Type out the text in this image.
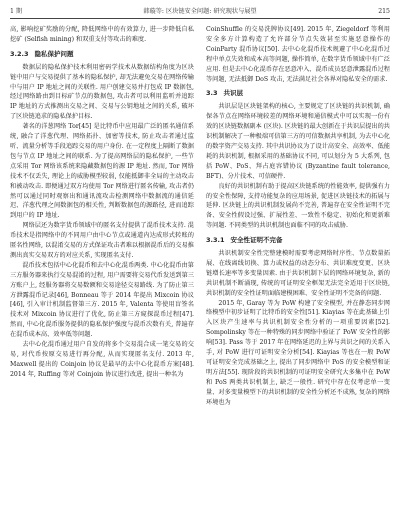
1 期	韩璇等: 区块链安全问题: 研究现状与展望	215

高, 影响挖矿奖励的分配, 降低网络中的有效算力, 进一步降低自私挖矿 (Selfish mining) 和双重支付等攻击的难度.

3.2.3 隐私保护问题

数据层的隐私保护技术利用密码学技术从数据结构角度为区块链中用户与交易提供了基本的隐私保护, 却无法避免交易在网络传输中与用户 IP 地址之间的关联性. 用户创建交易并打包成 IP 数据包, 经过网络路由到目标矿节点的数据包, 攻击者可以利用监听并追踪 IP 地址的方式推测出交易之间、交易与公钥地址之间的关系, 破坏了区块链追求的隐私保护目标.

著名的洋葱网络 Tor[45] 是比特币中应用最广泛的匿名通信系统, 融合了洋葱代理、网络拓扑、加密等技术, 防止攻击者通过监听、流量分析等手段追踪交易的用户身份. 在一定程度上隔断了数据包与节点 IP 地址之间的联系. 为了提高网络层的隐私保护, 一些节点采用 Tor 网络该系统来隐藏数据包的源 IP 地址. 然而, Tor 网络技术不仅丢失, 理论上的威胁模型较弱, 仅能抵御非全局的主动攻击和被动攻击. 即便通过双方均使用 Tor 网络进行匿名传输, 攻击者仍然可以通过同时观察出和通讯流攻击检测网络中数据流的通信延迟、洋葱代理之间数据包的相关性, 判断数据包的源路径, 进而追踪到用户的 IP 地址.

网络层还为数字货币领域中的匿名支付提供了混币技术支持. 混币技术是指网络中的不同用户由中心节点或通道内达成形式转账的匿名性网络, 以混淆交易的方式保证攻击者难以根据混币后的交易推测出真实交易双方的对应关系, 实现匿名支付.

混币技术包括中心化混币和去中心化混币两类. 中心化混币由第三方服务器来执行交易混淆的过程, 用户需要将交易代币发送到第三方账户上, 经服务器将交易数额和交易途径交易路线. 为了防止第三方泄露混币记录[46], Bonneau 等于 2014 年提出 Mixcoin 协议[46], 引入审计机制监督第三方. 2015 年, Valenta 等使用盲签名技术对 Mixcoin 协议进行了优化, 防止第三方窥探混币过程[47]. 然而, 中心化混币服务提供的隐私保护强度与混币次数有关, 普遍存在混币成本高、效率低等问题.

去中心化混币通过用户自发的将多个交易混合成一笔交易的交易, 对代币按原交易进行再分配, 从而实现匿名支付. 2013 年, Maxwell 提出的 Coinjoin 协议是最早的去中心化混币方案[48]. 2014 年, Ruffing 等对 Coinjoin 协议进行改进, 提出一种名为

CoinShuffle 的交易洗牌协议[49]. 2015 年, Ziegeldorf 等利用安全多方计算构造了允许部分节点失效甚至实施恶意操作的 CoinParty 混币协议[50]. 去中心化混币技术规避了中心化混币过程中单点失效和成本高等问题, 操作简单, 在数字货币领域中有广泛应用. 但是去中心化混币存在恶意冲入、混币成员恶意泄露混币过程等问题, 无法抵御 DoS 攻击, 无法满足社会各界对隐私安全的需求.

3.3 共识层

共识层是区块链架构的核心, 主要规定了区块链的共识机制, 确保各节点在网络环境较差的网络环境和通信模式中可以实现一份有效的区块链数据副本 (区块). 区块链的最大创新在于共识层提出的共识机制解决了一种极端可信第三方的可信数据共享机制, 为去中心化的数字资产交易支持. 其中共识协议为了设计高安全、高效率、低能耗的共识机制, 根据采用的基础协议不同, 可以划分为 5 大系列, 包括 PoW、PoS、拜占庭容错协议 (Byzantine fault tolerance, BFT)、分片技术、可信硬件.

良好的共识机制有助于提高区块链系统的性能效率, 提供强有力的安全性保障, 支持功能复杂的应用场景, 促进区块链技术的拓展与延伸. 区块链上的共识机制发展尚不完善, 普遍存在安全性证明不完备、安全性假设过强、扩展性差、一致性不稳定、初始化和更新难等问题. 不同类型的共识机制也面临不同的攻击威胁.

3.3.1 安全性证明不完备

共识机制安全性完整建模时需要考虑网络时序性、节点数量拓展、在线离线切换、算力或权益的动态分布、共识难度变更、区块链增长速率等多变量因素. 由于共识机制下层的网络环境复杂, 新的共识机制不断涌现, 传统的可证明安全框架无法完全适用于区块链, 共识机制的安全性证明面临建模困难、安全性证明不完备的问题.

2015 年, Garay 等为 PoW 构建了安全模型, 并在静态同步网络模型中初步证明了比特币的安全性[51]. Kiayias 等在此基础上引入区块产生速率与共识机制安全性分析的一项重要因素[52]. Sompolinsky 等在一种特殊的同步网络中验证了 PoW 安全性的影响[53]. Pass 等于 2017 年在网络延迟的上界与共识之间的关系入手, 对 PoW 进行可证明安全分析[54]. Kiayias 等也在一般 PoW 可证明安全完成基础之上, 提出了同步网络中 PoS 的安全模型和证明方法[55]. 现阶段的共识机制的可证明安全研究大多集中在 PoW 和 PoS 两类共识机制上, 缺乏一般性. 研究中存在仅考虑单一变量、对多变量模型下的共识机制的安全性分析还不成熟, 复杂的网络环境也为
